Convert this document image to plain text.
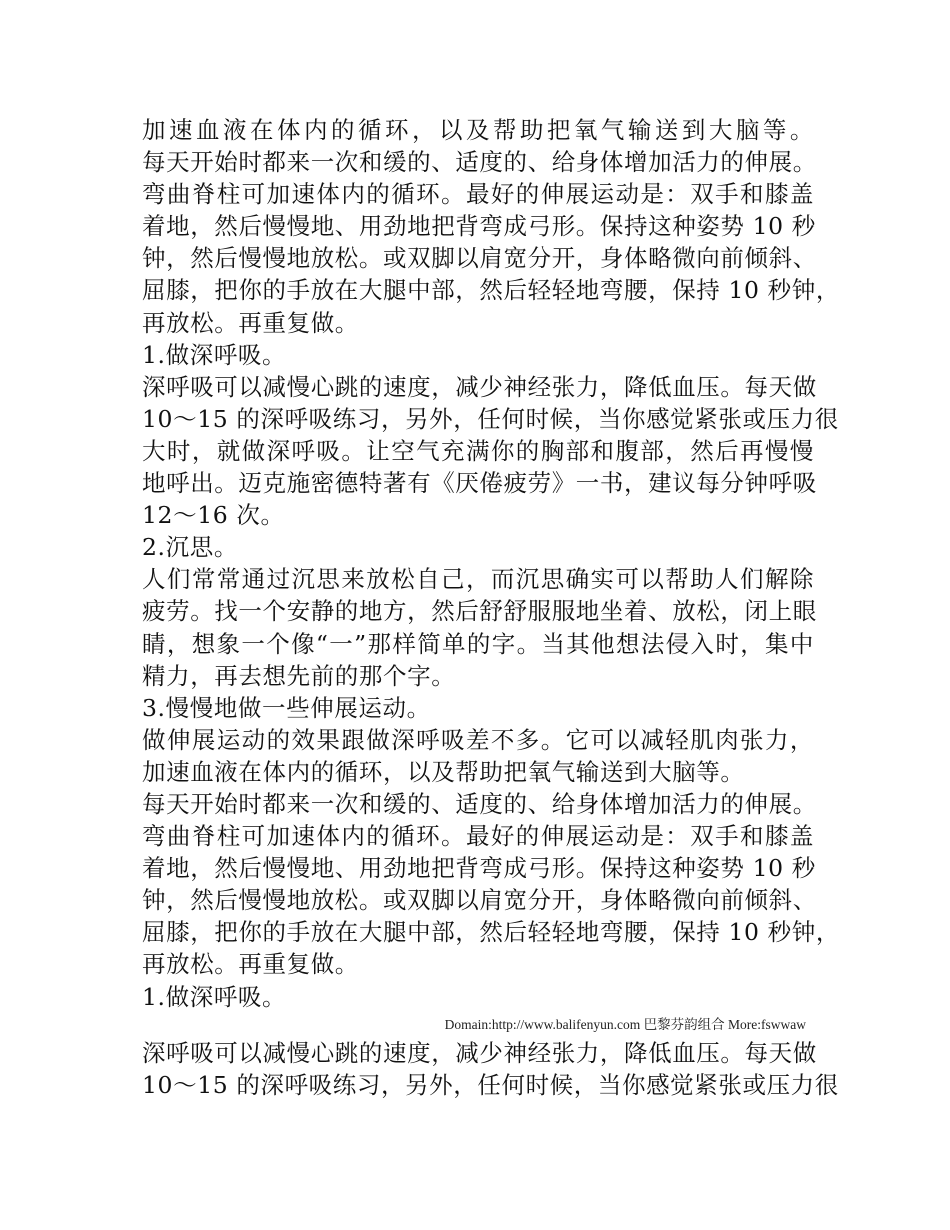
加速血液在体内的循环，以及帮助把氧气输送到大脑等。
每天开始时都来一次和缓的、适度的、给身体增加活力的伸展。
弯曲脊柱可加速体内的循环。最好的伸展运动是：双手和膝盖
着地，然后慢慢地、用劲地把背弯成弓形。保持这种姿势 10 秒
钟，然后慢慢地放松。或双脚以肩宽分开，身体略微向前倾斜、
屈膝，把你的手放在大腿中部，然后轻轻地弯腰，保持 10 秒钟，
再放松。再重复做。
1.做深呼吸。
深呼吸可以减慢心跳的速度，减少神经张力，降低血压。每天做
10～15 的深呼吸练习，另外，任何时候，当你感觉紧张或压力很
大时，就做深呼吸。让空气充满你的胸部和腹部，然后再慢慢
地呼出。迈克施密德特著有《厌倦疲劳》一书，建议每分钟呼吸
12～16 次。
2.沉思。
人们常常通过沉思来放松自己，而沉思确实可以帮助人们解除
疲劳。找一个安静的地方，然后舒舒服服地坐着、放松，闭上眼
睛，想象一个像“一”那样简单的字。当其他想法侵入时，集中
精力，再去想先前的那个字。
3.慢慢地做一些伸展运动。
做伸展运动的效果跟做深呼吸差不多。它可以减轻肌肉张力，
加速血液在体内的循环，以及帮助把氧气输送到大脑等。
每天开始时都来一次和缓的、适度的、给身体增加活力的伸展。
弯曲脊柱可加速体内的循环。最好的伸展运动是：双手和膝盖
着地，然后慢慢地、用劲地把背弯成弓形。保持这种姿势 10 秒
钟，然后慢慢地放松。或双脚以肩宽分开，身体略微向前倾斜、
屈膝，把你的手放在大腿中部，然后轻轻地弯腰，保持 10 秒钟，
再放松。再重复做。
1.做深呼吸。
Domain:http://www.balifenyun.com 巴黎芬韵组合 More:fswwaw
深呼吸可以减慢心跳的速度，减少神经张力，降低血压。每天做
10～15 的深呼吸练习，另外，任何时候，当你感觉紧张或压力很
